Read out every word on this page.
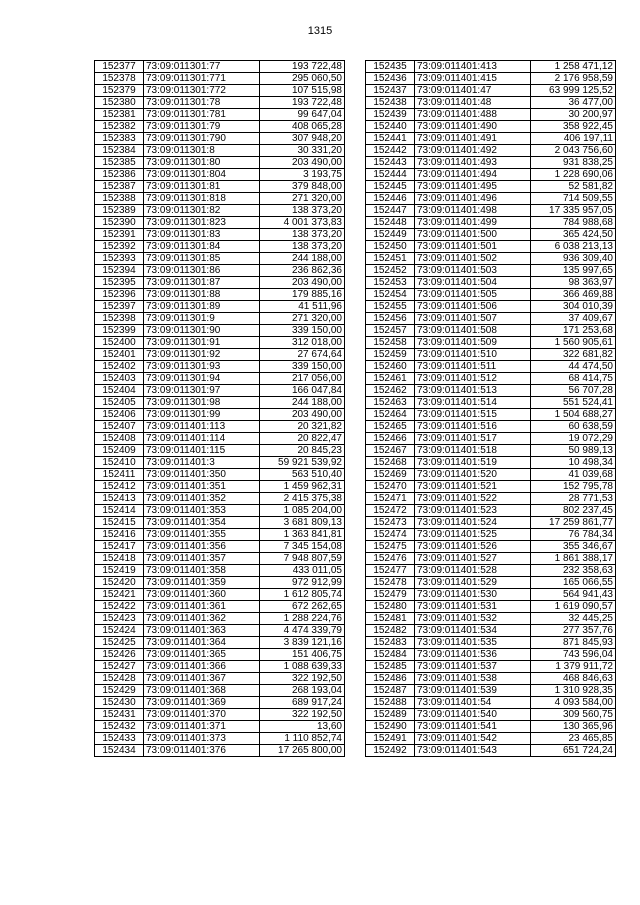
1315
152377	73:09:011301:77	193 722,48
152378	73:09:011301:771	295 060,50
152379	73:09:011301:772	107 515,98
152380	73:09:011301:78	193 722,48
152381	73:09:011301:781	99 647,04
152382	73:09:011301:79	408 065,28
152383	73:09:011301:790	307 948,20
152384	73:09:011301:8	30 331,20
152385	73:09:011301:80	203 490,00
152386	73:09:011301:804	3 193,75
152387	73:09:011301:81	379 848,00
152388	73:09:011301:818	271 320,00
152389	73:09:011301:82	138 373,20
152390	73:09:011301:823	4 001 373,83
152391	73:09:011301:83	138 373,20
152392	73:09:011301:84	138 373,20
152393	73:09:011301:85	244 188,00
152394	73:09:011301:86	236 862,36
152395	73:09:011301:87	203 490,00
152396	73:09:011301:88	179 885,16
152397	73:09:011301:89	41 511,96
152398	73:09:011301:9	271 320,00
152399	73:09:011301:90	339 150,00
152400	73:09:011301:91	312 018,00
152401	73:09:011301:92	27 674,64
152402	73:09:011301:93	339 150,00
152403	73:09:011301:94	217 056,00
152404	73:09:011301:97	166 047,84
152405	73:09:011301:98	244 188,00
152406	73:09:011301:99	203 490,00
152407	73:09:011401:113	20 321,82
152408	73:09:011401:114	20 822,47
152409	73:09:011401:115	20 845,23
152410	73:09:011401:3	59 921 539,92
152411	73:09:011401:350	563 510,40
152412	73:09:011401:351	1 459 962,31
152413	73:09:011401:352	2 415 375,38
152414	73:09:011401:353	1 085 204,00
152415	73:09:011401:354	3 681 809,13
152416	73:09:011401:355	1 363 841,81
152417	73:09:011401:356	7 345 154,08
152418	73:09:011401:357	7 948 807,59
152419	73:09:011401:358	433 011,05
152420	73:09:011401:359	972 912,99
152421	73:09:011401:360	1 612 805,74
152422	73:09:011401:361	672 262,65
152423	73:09:011401:362	1 288 224,76
152424	73:09:011401:363	4 474 339,79
152425	73:09:011401:364	3 839 121,16
152426	73:09:011401:365	151 406,75
152427	73:09:011401:366	1 088 639,33
152428	73:09:011401:367	322 192,50
152429	73:09:011401:368	268 193,04
152430	73:09:011401:369	689 917,24
152431	73:09:011401:370	322 192,50
152432	73:09:011401:371	13,60
152433	73:09:011401:373	1 110 852,74
152434	73:09:011401:376	17 265 800,00
152435	73:09:011401:413	1 258 471,12
152436	73:09:011401:415	2 176 958,59
152437	73:09:011401:47	63 999 125,52
152438	73:09:011401:48	36 477,00
152439	73:09:011401:488	30 200,97
152440	73:09:011401:490	358 922,45
152441	73:09:011401:491	406 197,11
152442	73:09:011401:492	2 043 756,60
152443	73:09:011401:493	931 838,25
152444	73:09:011401:494	1 228 690,06
152445	73:09:011401:495	52 581,82
152446	73:09:011401:496	714 509,55
152447	73:09:011401:498	17 335 957,05
152448	73:09:011401:499	784 988,68
152449	73:09:011401:500	365 424,50
152450	73:09:011401:501	6 038 213,13
152451	73:09:011401:502	936 309,40
152452	73:09:011401:503	135 997,65
152453	73:09:011401:504	98 363,97
152454	73:09:011401:505	366 469,88
152455	73:09:011401:506	304 010,39
152456	73:09:011401:507	37 409,67
152457	73:09:011401:508	171 253,68
152458	73:09:011401:509	1 560 905,61
152459	73:09:011401:510	322 681,82
152460	73:09:011401:511	44 474,50
152461	73:09:011401:512	68 414,75
152462	73:09:011401:513	56 707,28
152463	73:09:011401:514	551 524,41
152464	73:09:011401:515	1 504 688,27
152465	73:09:011401:516	60 638,59
152466	73:09:011401:517	19 072,29
152467	73:09:011401:518	50 989,13
152468	73:09:011401:519	10 498,34
152469	73:09:011401:520	41 039,68
152470	73:09:011401:521	152 795,78
152471	73:09:011401:522	28 771,53
152472	73:09:011401:523	802 237,45
152473	73:09:011401:524	17 259 861,77
152474	73:09:011401:525	76 784,34
152475	73:09:011401:526	355 346,67
152476	73:09:011401:527	1 861 388,17
152477	73:09:011401:528	232 358,63
152478	73:09:011401:529	165 066,55
152479	73:09:011401:530	564 941,43
152480	73:09:011401:531	1 619 090,57
152481	73:09:011401:532	32 445,25
152482	73:09:011401:534	277 357,76
152483	73:09:011401:535	871 845,93
152484	73:09:011401:536	743 596,04
152485	73:09:011401:537	1 379 911,72
152486	73:09:011401:538	468 846,63
152487	73:09:011401:539	1 310 928,35
152488	73:09:011401:54	4 093 584,00
152489	73:09:011401:540	309 560,75
152490	73:09:011401:541	130 365,96
152491	73:09:011401:542	23 465,85
152492	73:09:011401:543	651 724,24
